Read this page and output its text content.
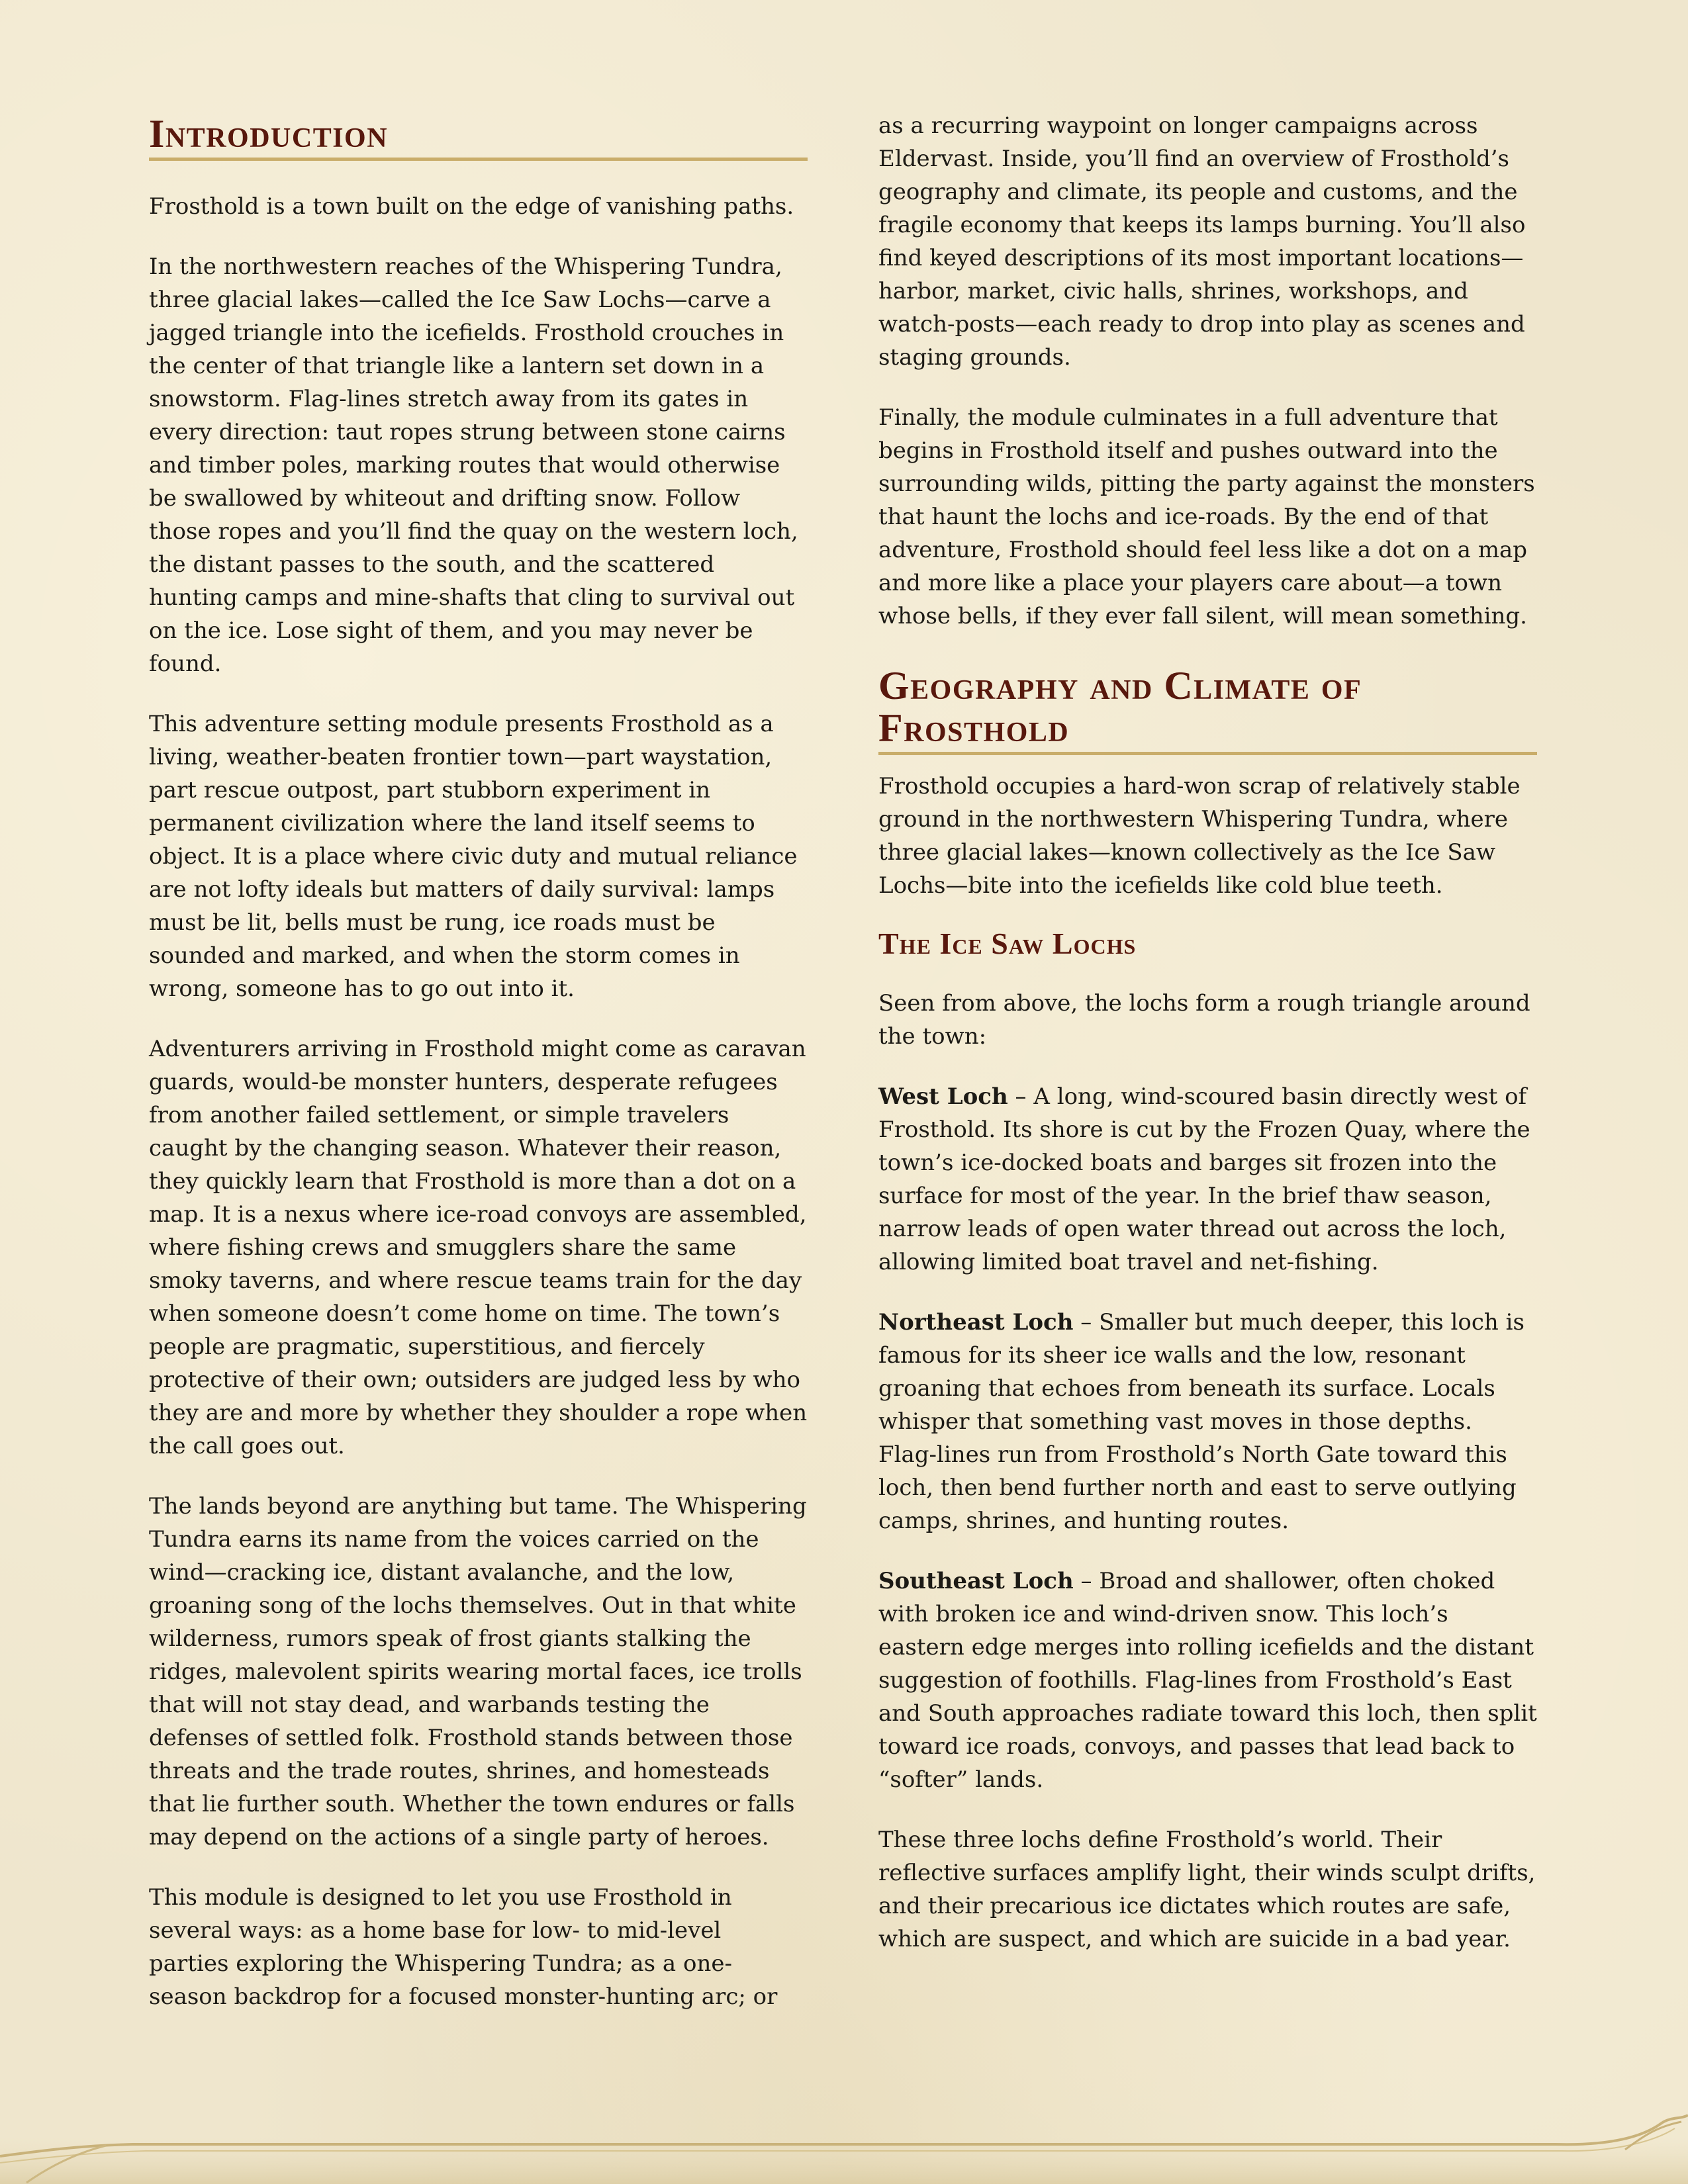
Introduction

Frosthold is a town built on the edge of vanishing paths.

In the northwestern reaches of the Whispering Tundra, three glacial lakes—called the Ice Saw Lochs—carve a jagged triangle into the icefields. Frosthold crouches in the center of that triangle like a lantern set down in a snowstorm. Flag-lines stretch away from its gates in every direction: taut ropes strung between stone cairns and timber poles, marking routes that would otherwise be swallowed by whiteout and drifting snow. Follow those ropes and you’ll find the quay on the western loch, the distant passes to the south, and the scattered hunting camps and mine-shafts that cling to survival out on the ice. Lose sight of them, and you may never be found.

This adventure setting module presents Frosthold as a living, weather-beaten frontier town—part waystation, part rescue outpost, part stubborn experiment in permanent civilization where the land itself seems to object. It is a place where civic duty and mutual reliance are not lofty ideals but matters of daily survival: lamps must be lit, bells must be rung, ice roads must be sounded and marked, and when the storm comes in wrong, someone has to go out into it.

Adventurers arriving in Frosthold might come as caravan guards, would-be monster hunters, desperate refugees from another failed settlement, or simple travelers caught by the changing season. Whatever their reason, they quickly learn that Frosthold is more than a dot on a map. It is a nexus where ice-road convoys are assembled, where fishing crews and smugglers share the same smoky taverns, and where rescue teams train for the day when someone doesn’t come home on time. The town’s people are pragmatic, superstitious, and fiercely protective of their own; outsiders are judged less by who they are and more by whether they shoulder a rope when the call goes out.

The lands beyond are anything but tame. The Whispering Tundra earns its name from the voices carried on the wind—cracking ice, distant avalanche, and the low, groaning song of the lochs themselves. Out in that white wilderness, rumors speak of frost giants stalking the ridges, malevolent spirits wearing mortal faces, ice trolls that will not stay dead, and warbands testing the defenses of settled folk. Frosthold stands between those threats and the trade routes, shrines, and homesteads that lie further south. Whether the town endures or falls may depend on the actions of a single party of heroes.

This module is designed to let you use Frosthold in several ways: as a home base for low- to mid-level parties exploring the Whispering Tundra; as a one-season backdrop for a focused monster-hunting arc; or

as a recurring waypoint on longer campaigns across Eldervast. Inside, you’ll find an overview of Frosthold’s geography and climate, its people and customs, and the fragile economy that keeps its lamps burning. You’ll also find keyed descriptions of its most important locations—harbor, market, civic halls, shrines, workshops, and watch-posts—each ready to drop into play as scenes and staging grounds.

Finally, the module culminates in a full adventure that begins in Frosthold itself and pushes outward into the surrounding wilds, pitting the party against the monsters that haunt the lochs and ice-roads. By the end of that adventure, Frosthold should feel less like a dot on a map and more like a place your players care about—a town whose bells, if they ever fall silent, will mean something.

Geography and Climate of Frosthold

Frosthold occupies a hard-won scrap of relatively stable ground in the northwestern Whispering Tundra, where three glacial lakes—known collectively as the Ice Saw Lochs—bite into the icefields like cold blue teeth.

The Ice Saw Lochs

Seen from above, the lochs form a rough triangle around the town:

West Loch – A long, wind-scoured basin directly west of Frosthold. Its shore is cut by the Frozen Quay, where the town’s ice-docked boats and barges sit frozen into the surface for most of the year. In the brief thaw season, narrow leads of open water thread out across the loch, allowing limited boat travel and net-fishing.

Northeast Loch – Smaller but much deeper, this loch is famous for its sheer ice walls and the low, resonant groaning that echoes from beneath its surface. Locals whisper that something vast moves in those depths. Flag-lines run from Frosthold’s North Gate toward this loch, then bend further north and east to serve outlying camps, shrines, and hunting routes.

Southeast Loch – Broad and shallower, often choked with broken ice and wind-driven snow. This loch’s eastern edge merges into rolling icefields and the distant suggestion of foothills. Flag-lines from Frosthold’s East and South approaches radiate toward this loch, then split toward ice roads, convoys, and passes that lead back to “softer” lands.

These three lochs define Frosthold’s world. Their reflective surfaces amplify light, their winds sculpt drifts, and their precarious ice dictates which routes are safe, which are suspect, and which are suicide in a bad year.
